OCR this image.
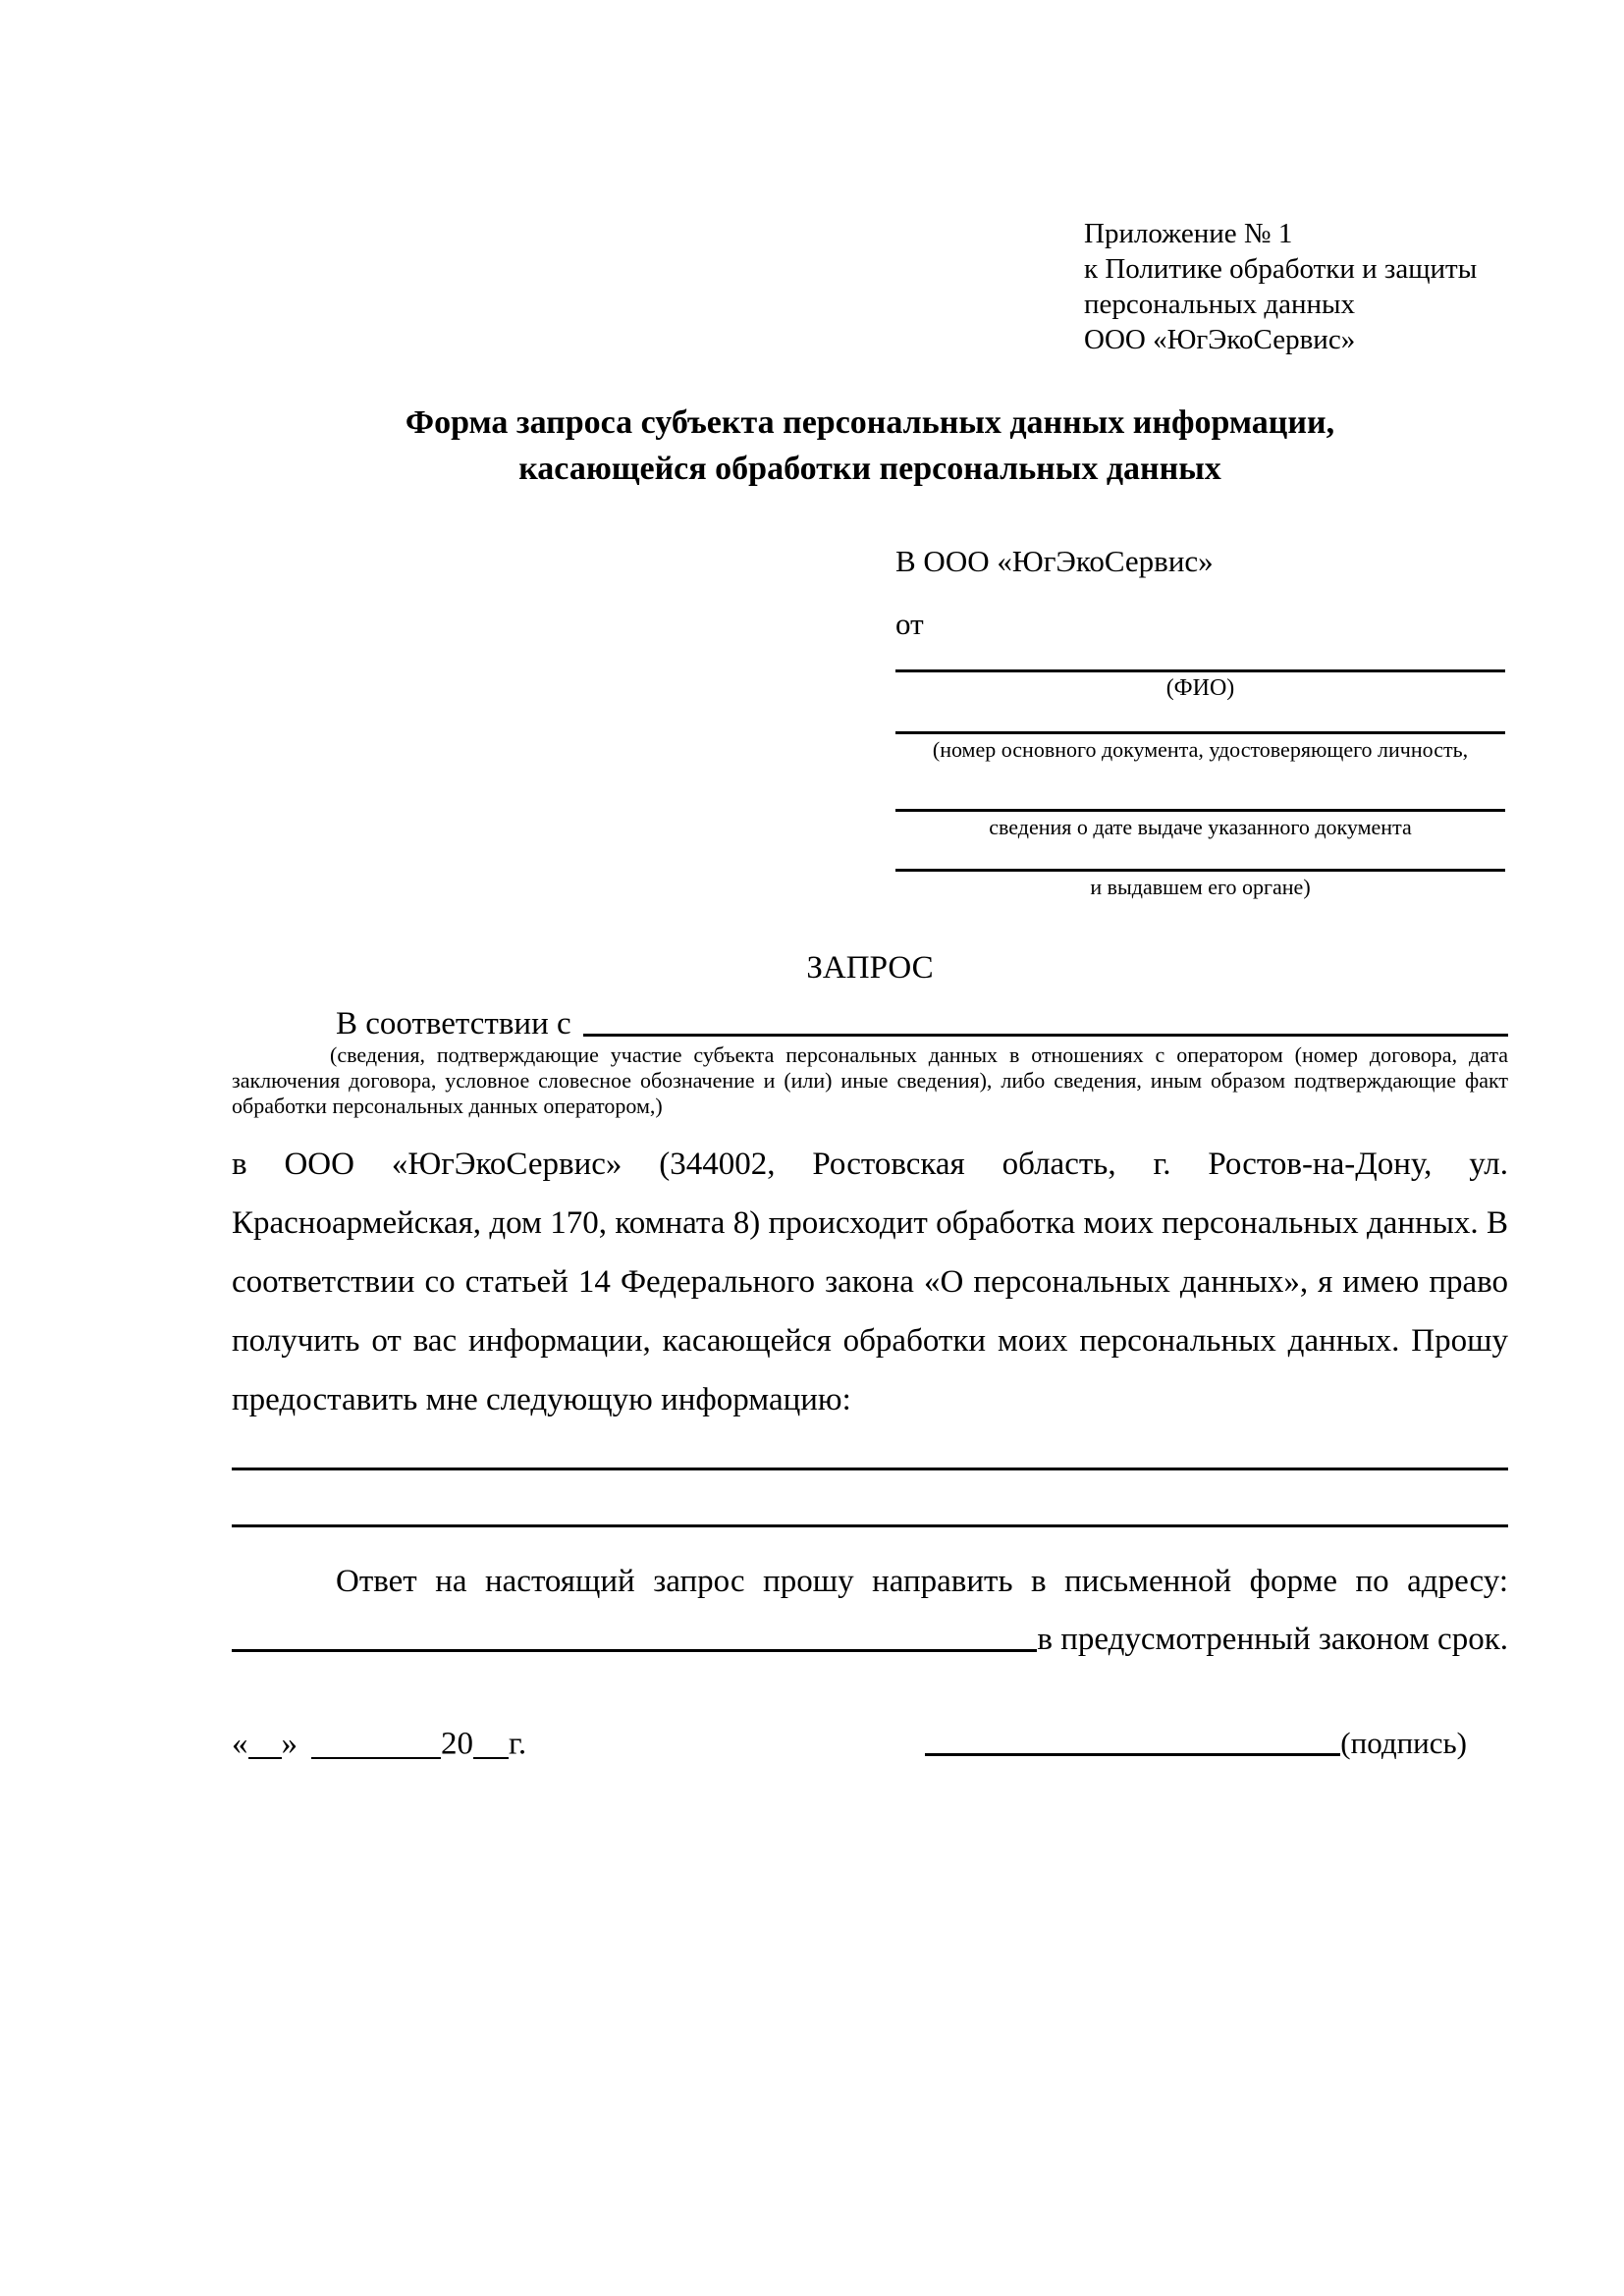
Приложение № 1
к Политике обработки и защиты
персональных данных
ООО «ЮгЭкоСервис»
Форма запроса субъекта персональных данных информации,
касающейся обработки персональных данных
В ООО «ЮгЭкоСервис»
от
(ФИО)
(номер основного документа, удостоверяющего личность,
сведения о дате выдаче указанного документа
и выдавшем его органе)
ЗАПРОС
В соответствии с
(сведения, подтверждающие участие субъекта персональных данных в отношениях с оператором (номер договора, дата заключения договора, условное словесное обозначение и (или) иные сведения), либо сведения, иным образом подтверждающие факт обработки персональных данных оператором,)
в ООО «ЮгЭкоСервис» (344002, Ростовская область, г. Ростов-на-Дону, ул. Красноармейская, дом 170, комната 8) происходит обработка моих персональных данных. В соответствии со статьей 14 Федерального закона «О персональных данных», я имею право получить от вас информации, касающейся обработки моих персональных данных. Прошу предоставить мне следующую информацию:
Ответ на настоящий запрос прошу направить в письменной форме по адресу:
в предусмотренный законом срок.
« »	20 г.	(подпись)
